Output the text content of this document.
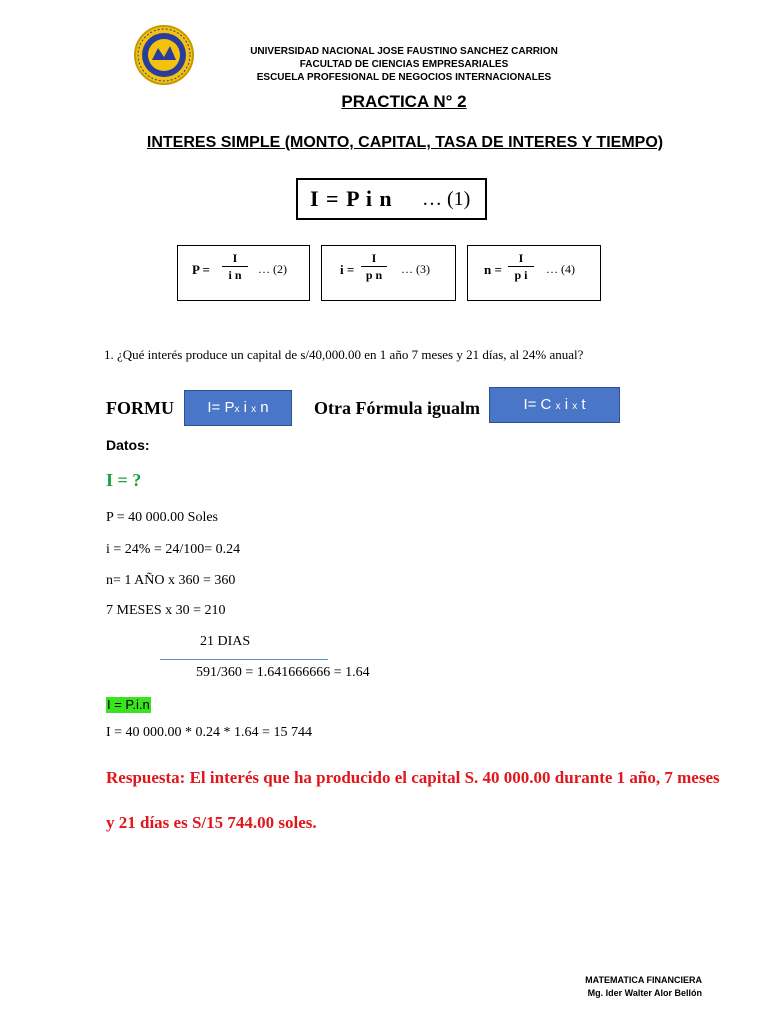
UNIVERSIDAD NACIONAL JOSE FAUSTINO SANCHEZ CARRION
FACULTAD DE CIENCIAS EMPRESARIALES
ESCUELA PROFESIONAL DE NEGOCIOS INTERNACIONALES
PRACTICA N° 2
INTERES SIMPLE (MONTO, CAPITAL, TASA DE INTERES Y TIEMPO)
I = P i n … (1)
$P = \frac{I}{\text{i n}}$ … (2)	$i = \frac{I}{\text{p n}}$ … (3)	$n = \frac{I}{\text{p i}}$ … (4)
1. ¿Qué interés produce un capital de s/40,000.00 en 1 año 7 meses y 21 días, al 24% anual?
FORMU	Otra Fórmula igualm
I= Px i x n	I= C x i x t
Datos:
I = ?
P = 40 000.00 Soles
i = 24% = 24/100= 0.24
n= 1 AÑO x 360 = 360
7 MESES x 30 = 210
21 DIAS
591/360 = 1.641666666 = 1.64
I = P.i.n
I = 40 000.00 * 0.24 * 1.64 = 15 744
Respuesta: El interés que ha producido el capital S. 40 000.00 durante 1 año, 7 meses y 21 días es S/15 744.00 soles.
MATEMATICA FINANCIERA
Mg. Ider Walter Alor Bellón
